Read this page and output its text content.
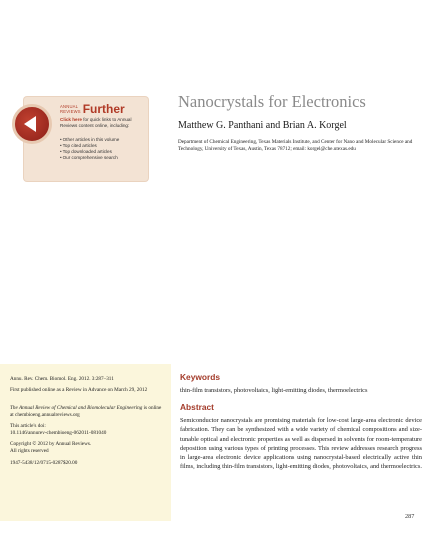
ANNUAL
REVIEWS Further
Click here for quick links to Annual Reviews content online, including:
• Other articles in this volume
• Top cited articles
• Top downloaded articles
• Our comprehensive search
Nanocrystals for Electronics
Matthew G. Panthani and Brian A. Korgel
Department of Chemical Engineering, Texas Materials Institute, and Center for Nano and Molecular Science and Technology, University of Texas, Austin, Texas 78712; email: korgel@che.utexas.edu
Annu. Rev. Chem. Biomol. Eng. 2012. 3:287–311
First published online as a Review in Advance on March 29, 2012
The Annual Review of Chemical and Biomolecular Engineering is online at chembioeng.annualreviews.org
This article's doi:
10.1146/annurev-chembioeng-062011-081040
Copyright © 2012 by Annual Reviews.
All rights reserved
1947-5438/12/0715-0287$20.00
Keywords
thin-film transistors, photovoltaics, light-emitting diodes, thermoelectrics
Abstract
Semiconductor nanocrystals are promising materials for low-cost large-area electronic device fabrication. They can be synthesized with a wide variety of chemical compositions and size-tunable optical and electronic properties as well as dispersed in solvents for room-temperature deposition using various types of printing processes. This review addresses research progress in large-area electronic device applications using nanocrystal-based electrically active thin films, including thin-film transistors, light-emitting diodes, photovoltaics, and thermoelectrics.
287
